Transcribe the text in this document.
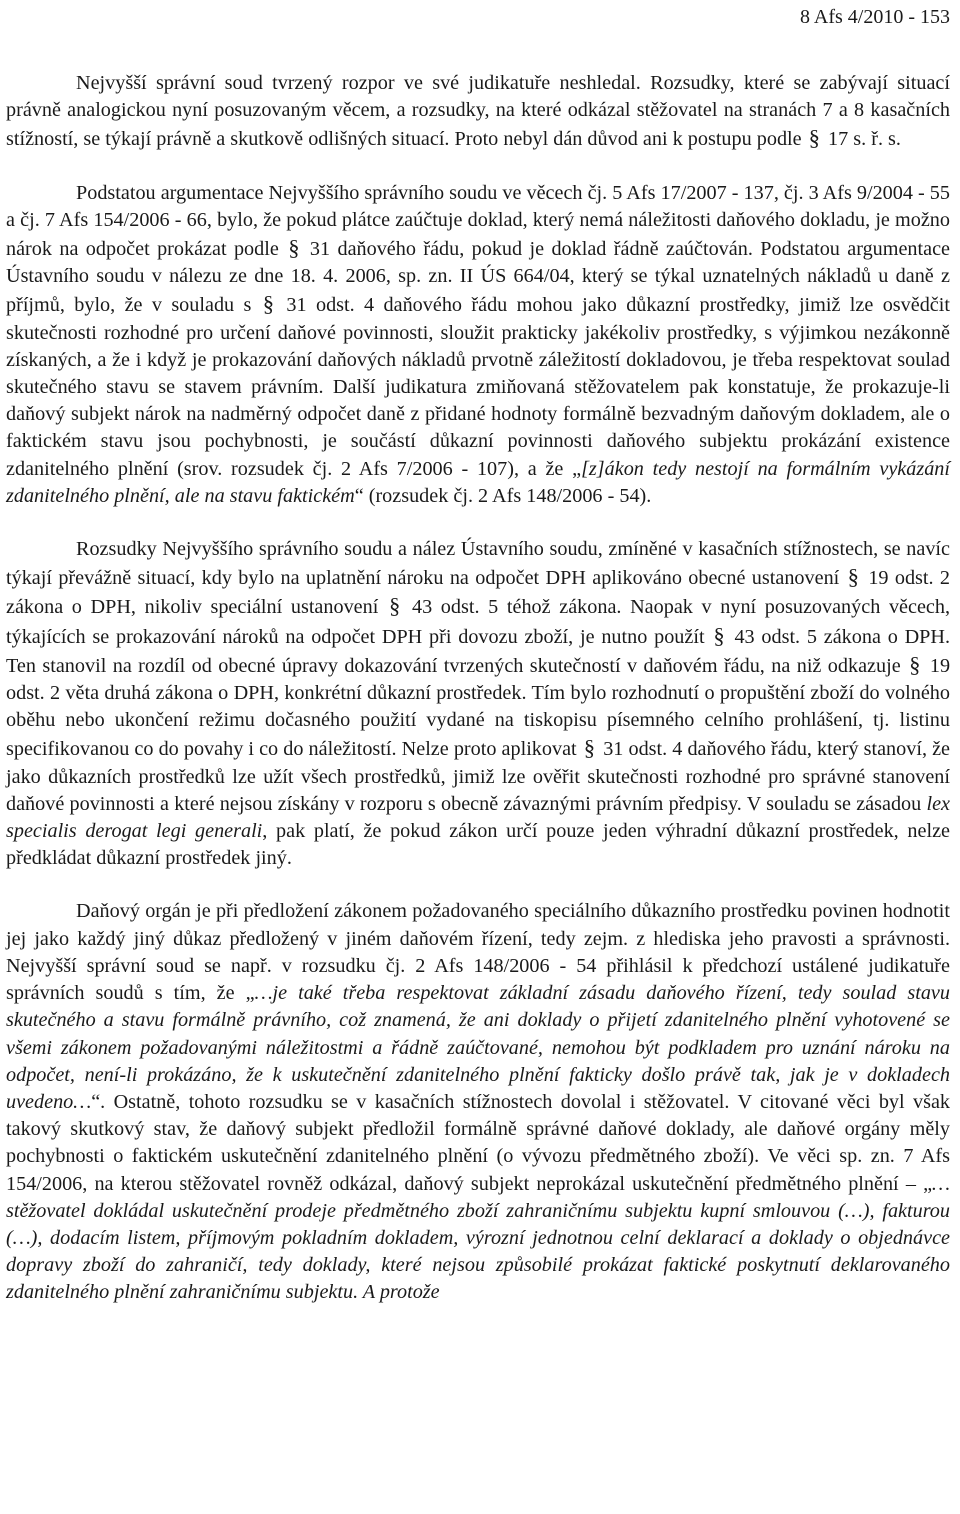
8 Afs 4/2010 - 153

Nejvyšší správní soud tvrzený rozpor ve své judikatuře neshledal. Rozsudky, které se zabývají situací právně analogickou nyní posuzovaným věcem, a rozsudky, na které odkázal stěžovatel na stranách 7 a 8 kasačních stížností, se týkají právně a skutkově odlišných situací. Proto nebyl dán důvod ani k postupu podle § 17 s. ř. s.

Podstatou argumentace Nejvyššího správního soudu ve věcech čj. 5 Afs 17/2007 - 137, čj. 3 Afs 9/2004 - 55 a čj. 7 Afs 154/2006 - 66, bylo, že pokud plátce zaúčtuje doklad, který nemá náležitosti daňového dokladu, je možno nárok na odpočet prokázat podle § 31 daňového řádu, pokud je doklad řádně zaúčtován. Podstatou argumentace Ústavního soudu v nálezu ze dne 18. 4. 2006, sp. zn. II ÚS 664/04, který se týkal uznatelných nákladů u daně z příjmů, bylo, že v souladu s § 31 odst. 4 daňového řádu mohou jako důkazní prostředky, jimiž lze osvědčit skutečnosti rozhodné pro určení daňové povinnosti, sloužit prakticky jakékoliv prostředky, s výjimkou nezákonně získaných, a že i když je prokazování daňových nákladů prvotně záležitostí dokladovou, je třeba respektovat soulad skutečného stavu se stavem právním. Další judikatura zmiňovaná stěžovatelem pak konstatuje, že prokazuje-li daňový subjekt nárok na nadměrný odpočet daně z přidané hodnoty formálně bezvadným daňovým dokladem, ale o faktickém stavu jsou pochybnosti, je součástí důkazní povinnosti daňového subjektu prokázání existence zdanitelného plnění (srov. rozsudek čj. 2 Afs 7/2006 - 107), a že „[z]ákon tedy nestojí na formálním vykázání zdanitelného plnění, ale na stavu faktickém“ (rozsudek čj. 2 Afs 148/2006 - 54).

Rozsudky Nejvyššího správního soudu a nález Ústavního soudu, zmíněné v kasačních stížnostech, se navíc týkají převážně situací, kdy bylo na uplatnění nároku na odpočet DPH aplikováno obecné ustanovení § 19 odst. 2 zákona o DPH, nikoliv speciální ustanovení § 43 odst. 5 téhož zákona. Naopak v nyní posuzovaných věcech, týkajících se prokazování nároků na odpočet DPH při dovozu zboží, je nutno použít § 43 odst. 5 zákona o DPH. Ten stanovil na rozdíl od obecné úpravy dokazování tvrzených skutečností v daňovém řádu, na niž odkazuje § 19 odst. 2 věta druhá zákona o DPH, konkrétní důkazní prostředek. Tím bylo rozhodnutí o propuštění zboží do volného oběhu nebo ukončení režimu dočasného použití vydané na tiskopisu písemného celního prohlášení, tj. listinu specifikovanou co do povahy i co do náležitostí. Nelze proto aplikovat § 31 odst. 4 daňového řádu, který stanoví, že jako důkazních prostředků lze užít všech prostředků, jimiž lze ověřit skutečnosti rozhodné pro správné stanovení daňové povinnosti a které nejsou získány v rozporu s obecně závaznými právním předpisy. V souladu se zásadou lex specialis derogat legi generali, pak platí, že pokud zákon určí pouze jeden výhradní důkazní prostředek, nelze předkládat důkazní prostředek jiný.

Daňový orgán je při předložení zákonem požadovaného speciálního důkazního prostředku povinen hodnotit jej jako každý jiný důkaz předložený v jiném daňovém řízení, tedy zejm. z hlediska jeho pravosti a správnosti. Nejvyšší správní soud se např. v rozsudku čj. 2 Afs 148/2006 - 54 přihlásil k předchozí ustálené judikatuře správních soudů s tím, že „…je také třeba respektovat základní zásadu daňového řízení, tedy soulad stavu skutečného a stavu formálně právního, což znamená, že ani doklady o přijetí zdanitelného plnění vyhotovené se všemi zákonem požadovanými náležitostmi a řádně zaúčtované, nemohou být podkladem pro uznání nároku na odpočet, není-li prokázáno, že k uskutečnění zdanitelného plnění fakticky došlo právě tak, jak je v dokladech uvedeno…“. Ostatně, tohoto rozsudku se v kasačních stížnostech dovolal i stěžovatel. V citované věci byl však takový skutkový stav, že daňový subjekt předložil formálně správné daňové doklady, ale daňové orgány měly pochybnosti o faktickém uskutečnění zdanitelného plnění (o vývozu předmětného zboží). Ve věci sp. zn. 7 Afs 154/2006, na kterou stěžovatel rovněž odkázal, daňový subjekt neprokázal uskutečnění předmětného plnění – „…stěžovatel dokládal uskutečnění prodeje předmětného zboží zahraničnímu subjektu kupní smlouvou (…), fakturou (…), dodacím listem, příjmovým pokladním dokladem, výrozní jednotnou celní deklarací a doklady o objednávce dopravy zboží do zahraničí, tedy doklady, které nejsou způsobilé prokázat faktické poskytnutí deklarovaného zdanitelného plnění zahraničnímu subjektu. A protože
